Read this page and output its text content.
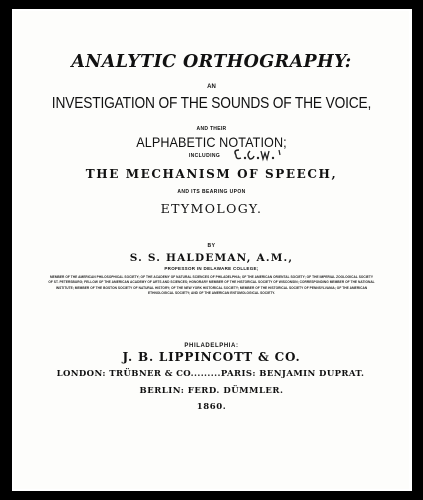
ANALYTIC ORTHOGRAPHY:
AN
INVESTIGATION OF THE SOUNDS OF THE VOICE,
AND THEIR
ALPHABETIC NOTATION;
INCLUDING
THE MECHANISM OF SPEECH,
AND ITS BEARING UPON
ETYMOLOGY.
BY
S. S. HALDEMAN, A.M.,
PROFESSOR IN DELAWARE COLLEGE;
MEMBER OF THE AMERICAN PHILOSOPHICAL SOCIETY; OF THE ACADEMY OF NATURAL SCIENCES OF PHILADELPHIA; OF THE AMERICAN ORIENTAL SOCIETY; OF THE IMPERIAL ZOOLOGICAL SOCIETY OF ST. PETERSBURG; FELLOW OF THE AMERICAN ACADEMY OF ARTS AND SCIENCES; HONORARY MEMBER OF THE HISTORICAL SOCIETY OF WISCONSIN; CORRESPONDING MEMBER OF THE NATIONAL INSTITUTE; MEMBER OF THE BOSTON SOCIETY OF NATURAL HISTORY; OF THE NEW YORK HISTORICAL SOCIETY; MEMBER OF THE HISTORICAL SOCIETY OF PENNSYLVANIA; OF THE AMERICAN ETHNOLOGICAL SOCIETY; AND OF THE AMERICAN ENTOMOLOGICAL SOCIETY.
PHILADELPHIA:
J. B. LIPPINCOTT & CO.
LONDON: TRÜBNER & CO.........PARIS: BENJAMIN DUPRAT.
BERLIN: FERD. DÜMMLER.
1860.
